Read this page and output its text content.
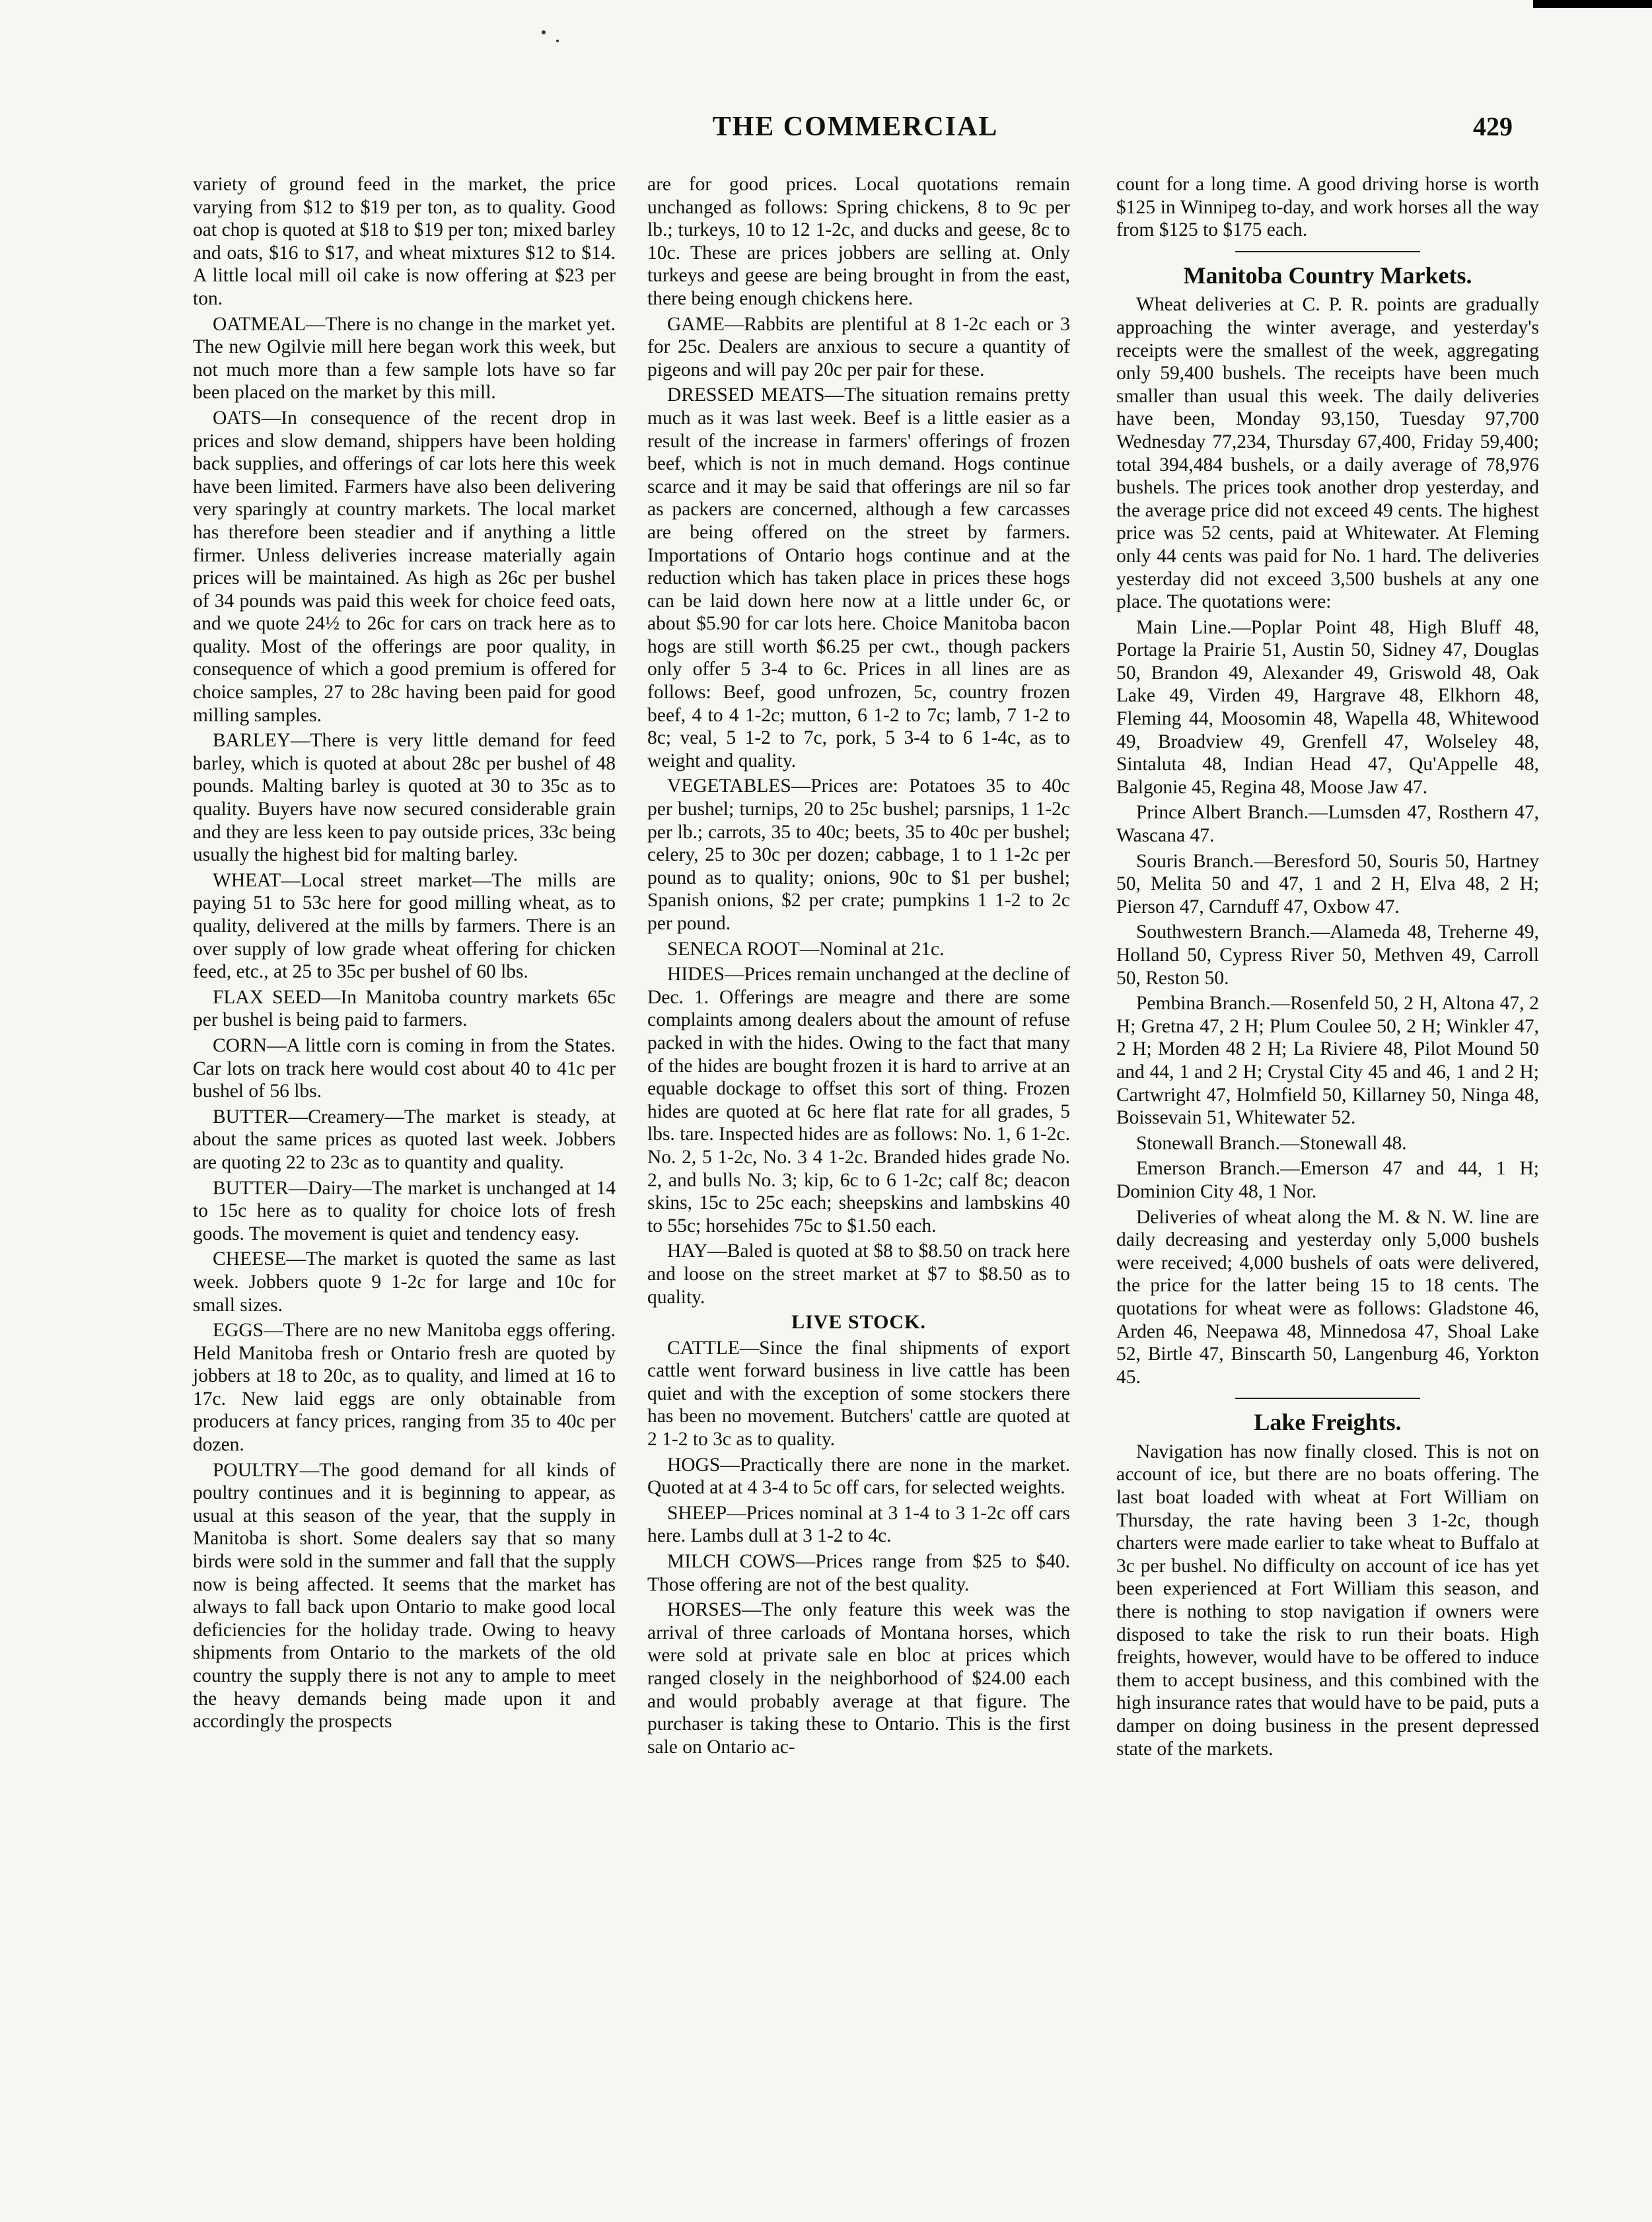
THE COMMERCIAL	429

variety of ground feed in the market, the price varying from $12 to $19 per ton, as to quality. Good oat chop is quoted at $18 to $19 per ton; mixed barley and oats, $16 to $17, and wheat mixtures $12 to $14. A little local mill oil cake is now offering at $23 per ton.

OATMEAL—There is no change in the market yet. The new Ogilvie mill here began work this week, but not much more than a few sample lots have so far been placed on the market by this mill.

OATS—In consequence of the recent drop in prices and slow demand, shippers have been holding back supplies, and offerings of car lots here this week have been limited. Farmers have also been delivering very sparingly at country markets. The local market has therefore been steadier and if anything a little firmer. Unless deliveries increase materially again prices will be maintained. As high as 26c per bushel of 34 pounds was paid this week for choice feed oats, and we quote 24½ to 26c for cars on track here as to quality. Most of the offerings are poor quality, in consequence of which a good premium is offered for choice samples, 27 to 28c having been paid for good milling samples.

BARLEY—There is very little demand for feed barley, which is quoted at about 28c per bushel of 48 pounds. Malting barley is quoted at 30 to 35c as to quality. Buyers have now secured considerable grain and they are less keen to pay outside prices, 33c being usually the highest bid for malting barley.

WHEAT—Local street market—The mills are paying 51 to 53c here for good milling wheat, as to quality, delivered at the mills by farmers. There is an over supply of low grade wheat offering for chicken feed, etc., at 25 to 35c per bushel of 60 lbs.

FLAX SEED—In Manitoba country markets 65c per bushel is being paid to farmers.

CORN—A little corn is coming in from the States. Car lots on track here would cost about 40 to 41c per bushel of 56 lbs.

BUTTER—Creamery—The market is steady, at about the same prices as quoted last week. Jobbers are quoting 22 to 23c as to quantity and quality.

BUTTER—Dairy—The market is unchanged at 14 to 15c here as to quality for choice lots of fresh goods. The movement is quiet and tendency easy.

CHEESE—The market is quoted the same as last week. Jobbers quote 9 1-2c for large and 10c for small sizes.

EGGS—There are no new Manitoba eggs offering. Held Manitoba fresh or Ontario fresh are quoted by jobbers at 18 to 20c, as to quality, and limed at 16 to 17c. New laid eggs are only obtainable from producers at fancy prices, ranging from 35 to 40c per dozen.

POULTRY—The good demand for all kinds of poultry continues and it is beginning to appear, as usual at this season of the year, that the supply in Manitoba is short. Some dealers say that so many birds were sold in the summer and fall that the supply now is being affected. It seems that the market has always to fall back upon Ontario to make good local deficiencies for the holiday trade. Owing to heavy shipments from Ontario to the markets of the old country the supply there is not any to ample to meet the heavy demands being made upon it and accordingly the prospects

are for good prices. Local quotations remain unchanged as follows: Spring chickens, 8 to 9c per lb.; turkeys, 10 to 12 1-2c, and ducks and geese, 8c to 10c. These are prices jobbers are selling at. Only turkeys and geese are being brought in from the east, there being enough chickens here.

GAME—Rabbits are plentiful at 8 1-2c each or 3 for 25c. Dealers are anxious to secure a quantity of pigeons and will pay 20c per pair for these.

DRESSED MEATS—The situation remains pretty much as it was last week. Beef is a little easier as a result of the increase in farmers' offerings of frozen beef, which is not in much demand. Hogs continue scarce and it may be said that offerings are nil so far as packers are concerned, although a few carcasses are being offered on the street by farmers. Importations of Ontario hogs continue and at the reduction which has taken place in prices these hogs can be laid down here now at a little under 6c, or about $5.90 for car lots here. Choice Manitoba bacon hogs are still worth $6.25 per cwt., though packers only offer 5 3-4 to 6c. Prices in all lines are as follows: Beef, good unfrozen, 5c, country frozen beef, 4 to 4 1-2c; mutton, 6 1-2 to 7c; lamb, 7 1-2 to 8c; veal, 5 1-2 to 7c, pork, 5 3-4 to 6 1-4c, as to weight and quality.

VEGETABLES—Prices are: Potatoes 35 to 40c per bushel; turnips, 20 to 25c bushel; parsnips, 1 1-2c per lb.; carrots, 35 to 40c; beets, 35 to 40c per bushel; celery, 25 to 30c per dozen; cabbage, 1 to 1 1-2c per pound as to quality; onions, 90c to $1 per bushel; Spanish onions, $2 per crate; pumpkins 1 1-2 to 2c per pound.

SENECA ROOT—Nominal at 21c.

HIDES—Prices remain unchanged at the decline of Dec. 1. Offerings are meagre and there are some complaints among dealers about the amount of refuse packed in with the hides. Owing to the fact that many of the hides are bought frozen it is hard to arrive at an equable dockage to offset this sort of thing. Frozen hides are quoted at 6c here flat rate for all grades, 5 lbs. tare. Inspected hides are as follows: No. 1, 6 1-2c. No. 2, 5 1-2c, No. 3 4 1-2c. Branded hides grade No. 2, and bulls No. 3; kip, 6c to 6 1-2c; calf 8c; deacon skins, 15c to 25c each; sheepskins and lambskins 40 to 55c; horsehides 75c to $1.50 each.

HAY—Baled is quoted at $8 to $8.50 on track here and loose on the street market at $7 to $8.50 as to quality.

LIVE STOCK.

CATTLE—Since the final shipments of export cattle went forward business in live cattle has been quiet and with the exception of some stockers there has been no movement. Butchers' cattle are quoted at 2 1-2 to 3c as to quality.

HOGS—Practically there are none in the market. Quoted at at 4 3-4 to 5c off cars, for selected weights.

SHEEP—Prices nominal at 3 1-4 to 3 1-2c off cars here. Lambs dull at 3 1-2 to 4c.

MILCH COWS—Prices range from $25 to $40. Those offering are not of the best quality.

HORSES—The only feature this week was the arrival of three carloads of Montana horses, which were sold at private sale en bloc at prices which ranged closely in the neighborhood of $24.00 each and would probably average at that figure. The purchaser is taking these to Ontario. This is the first sale on Ontario ac-

count for a long time. A good driving horse is worth $125 in Winnipeg to-day, and work horses all the way from $125 to $175 each.

Manitoba Country Markets.

Wheat deliveries at C. P. R. points are gradually approaching the winter average, and yesterday's receipts were the smallest of the week, aggregating only 59,400 bushels. The receipts have been much smaller than usual this week. The daily deliveries have been, Monday 93,150, Tuesday 97,700 Wednesday 77,234, Thursday 67,400, Friday 59,400; total 394,484 bushels, or a daily average of 78,976 bushels. The prices took another drop yesterday, and the average price did not exceed 49 cents. The highest price was 52 cents, paid at Whitewater. At Fleming only 44 cents was paid for No. 1 hard. The deliveries yesterday did not exceed 3,500 bushels at any one place. The quotations were:

Main Line.—Poplar Point 48, High Bluff 48, Portage la Prairie 51, Austin 50, Sidney 47, Douglas 50, Brandon 49, Alexander 49, Griswold 48, Oak Lake 49, Virden 49, Hargrave 48, Elkhorn 48, Fleming 44, Moosomin 48, Wapella 48, Whitewood 49, Broadview 49, Grenfell 47, Wolseley 48, Sintaluta 48, Indian Head 47, Qu'Appelle 48, Balgonie 45, Regina 48, Moose Jaw 47.

Prince Albert Branch.—Lumsden 47, Rosthern 47, Wascana 47.

Souris Branch.—Beresford 50, Souris 50, Hartney 50, Melita 50 and 47, 1 and 2 H, Elva 48, 2 H; Pierson 47, Carnduff 47, Oxbow 47.

Southwestern Branch.—Alameda 48, Treherne 49, Holland 50, Cypress River 50, Methven 49, Carroll 50, Reston 50.

Pembina Branch.—Rosenfeld 50, 2 H, Altona 47, 2 H; Gretna 47, 2 H; Plum Coulee 50, 2 H; Winkler 47, 2 H; Morden 48 2 H; La Riviere 48, Pilot Mound 50 and 44, 1 and 2 H; Crystal City 45 and 46, 1 and 2 H; Cartwright 47, Holmfield 50, Killarney 50, Ninga 48, Boissevain 51, Whitewater 52.

Stonewall Branch.—Stonewall 48.

Emerson Branch.—Emerson 47 and 44, 1 H; Dominion City 48, 1 Nor.

Deliveries of wheat along the M. & N. W. line are daily decreasing and yesterday only 5,000 bushels were received; 4,000 bushels of oats were delivered, the price for the latter being 15 to 18 cents. The quotations for wheat were as follows: Gladstone 46, Arden 46, Neepawa 48, Minnedosa 47, Shoal Lake 52, Birtle 47, Binscarth 50, Langenburg 46, Yorkton 45.

Lake Freights.

Navigation has now finally closed. This is not on account of ice, but there are no boats offering. The last boat loaded with wheat at Fort William on Thursday, the rate having been 3 1-2c, though charters were made earlier to take wheat to Buffalo at 3c per bushel. No difficulty on account of ice has yet been experienced at Fort William this season, and there is nothing to stop navigation if owners were disposed to take the risk to run their boats. High freights, however, would have to be offered to induce them to accept business, and this combined with the high insurance rates that would have to be paid, puts a damper on doing business in the present depressed state of the markets.
